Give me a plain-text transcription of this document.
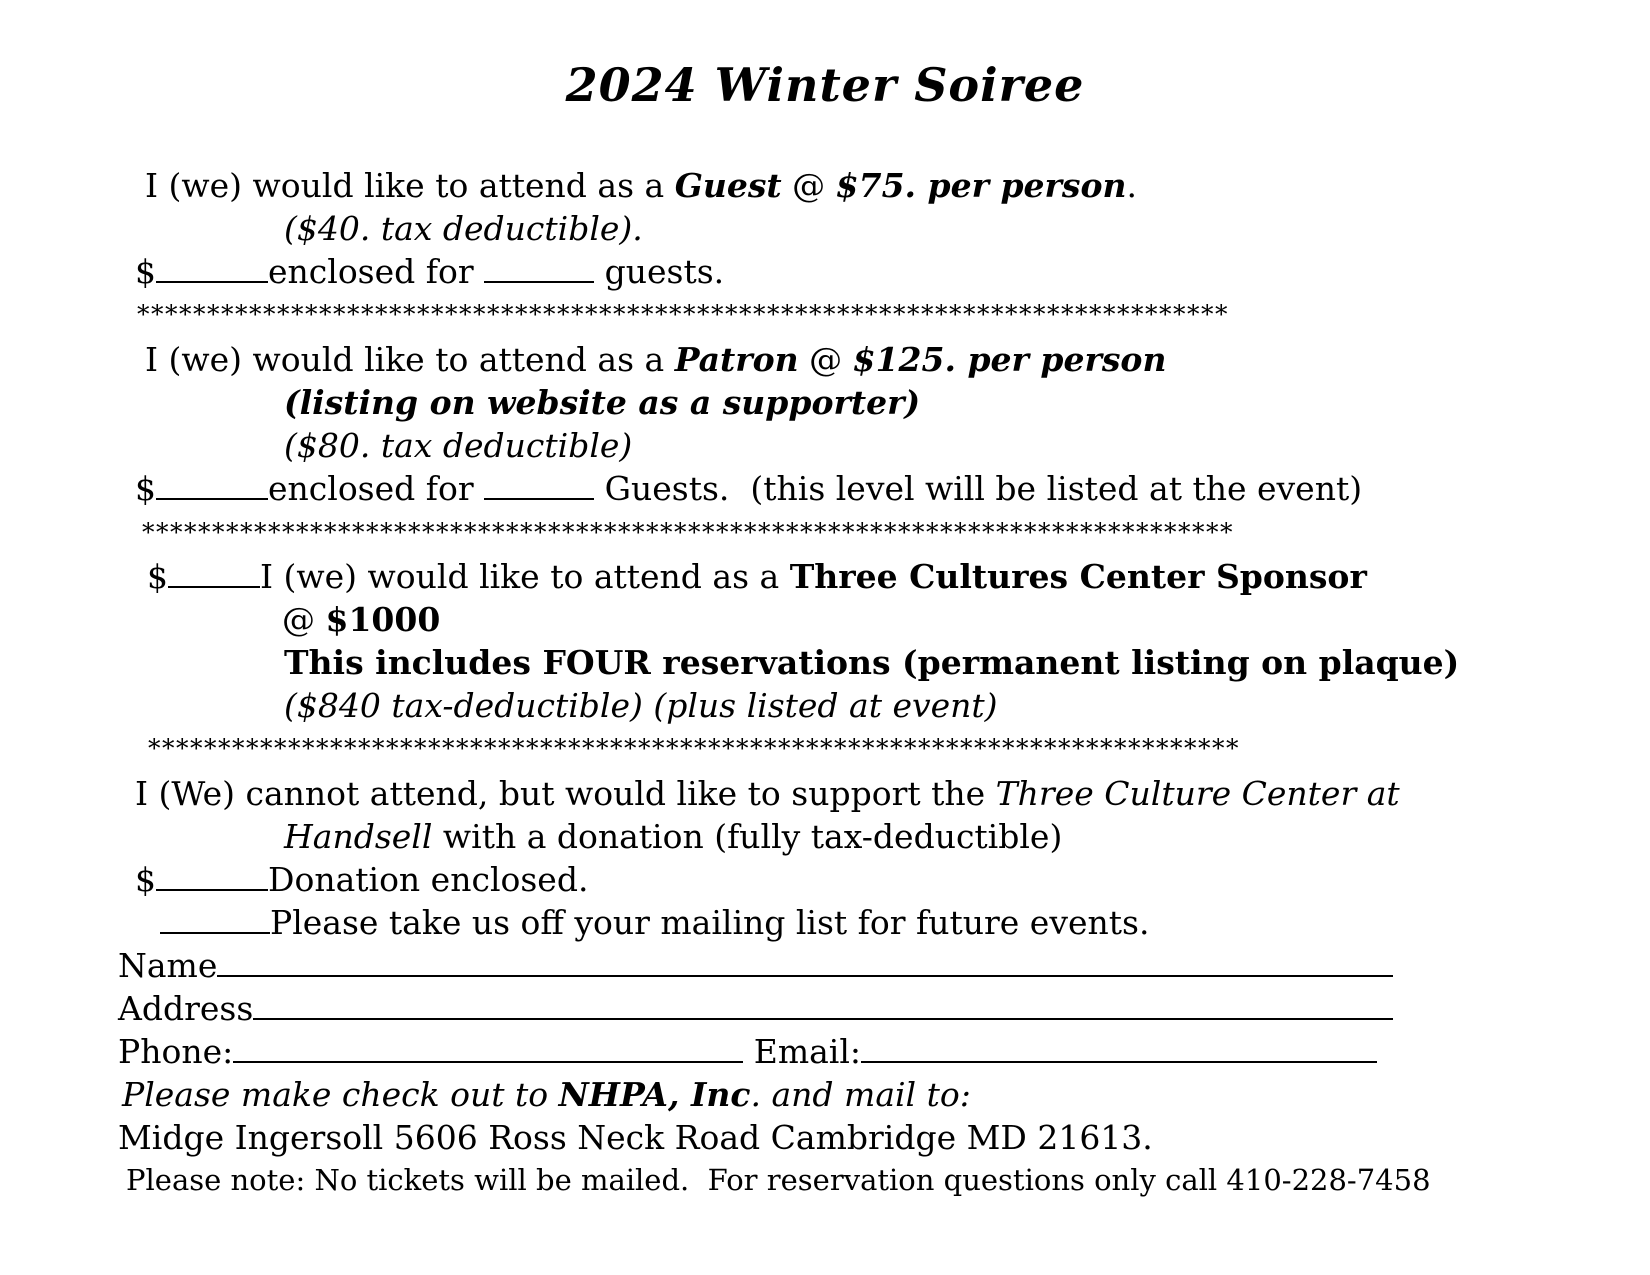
2024 Winter Soiree
I (we) would like to attend as a Guest @ $75. per person.
($40. tax deductible).
$	enclosed for	guests.
******************************************************************************
I (we) would like to attend as a Patron @ $125. per person
(listing on website as a supporter)
($80. tax deductible)
$	enclosed for	Guests.  (this level will be listed at the event)
******************************************************************************
$	I (we) would like to attend as a Three Cultures Center Sponsor
@ $1000
This includes FOUR reservations (permanent listing on plaque)
($840 tax-deductible) (plus listed at event)
******************************************************************************
I (We) cannot attend, but would like to support the Three Culture Center at
Handsell with a donation (fully tax-deductible)
$	Donation enclosed.
Please take us off your mailing list for future events.
Name
Address
Phone:	Email:
Please make check out to NHPA, Inc. and mail to:
Midge Ingersoll 5606 Ross Neck Road Cambridge MD 21613.
Please note: No tickets will be mailed.  For reservation questions only call 410-228-7458
